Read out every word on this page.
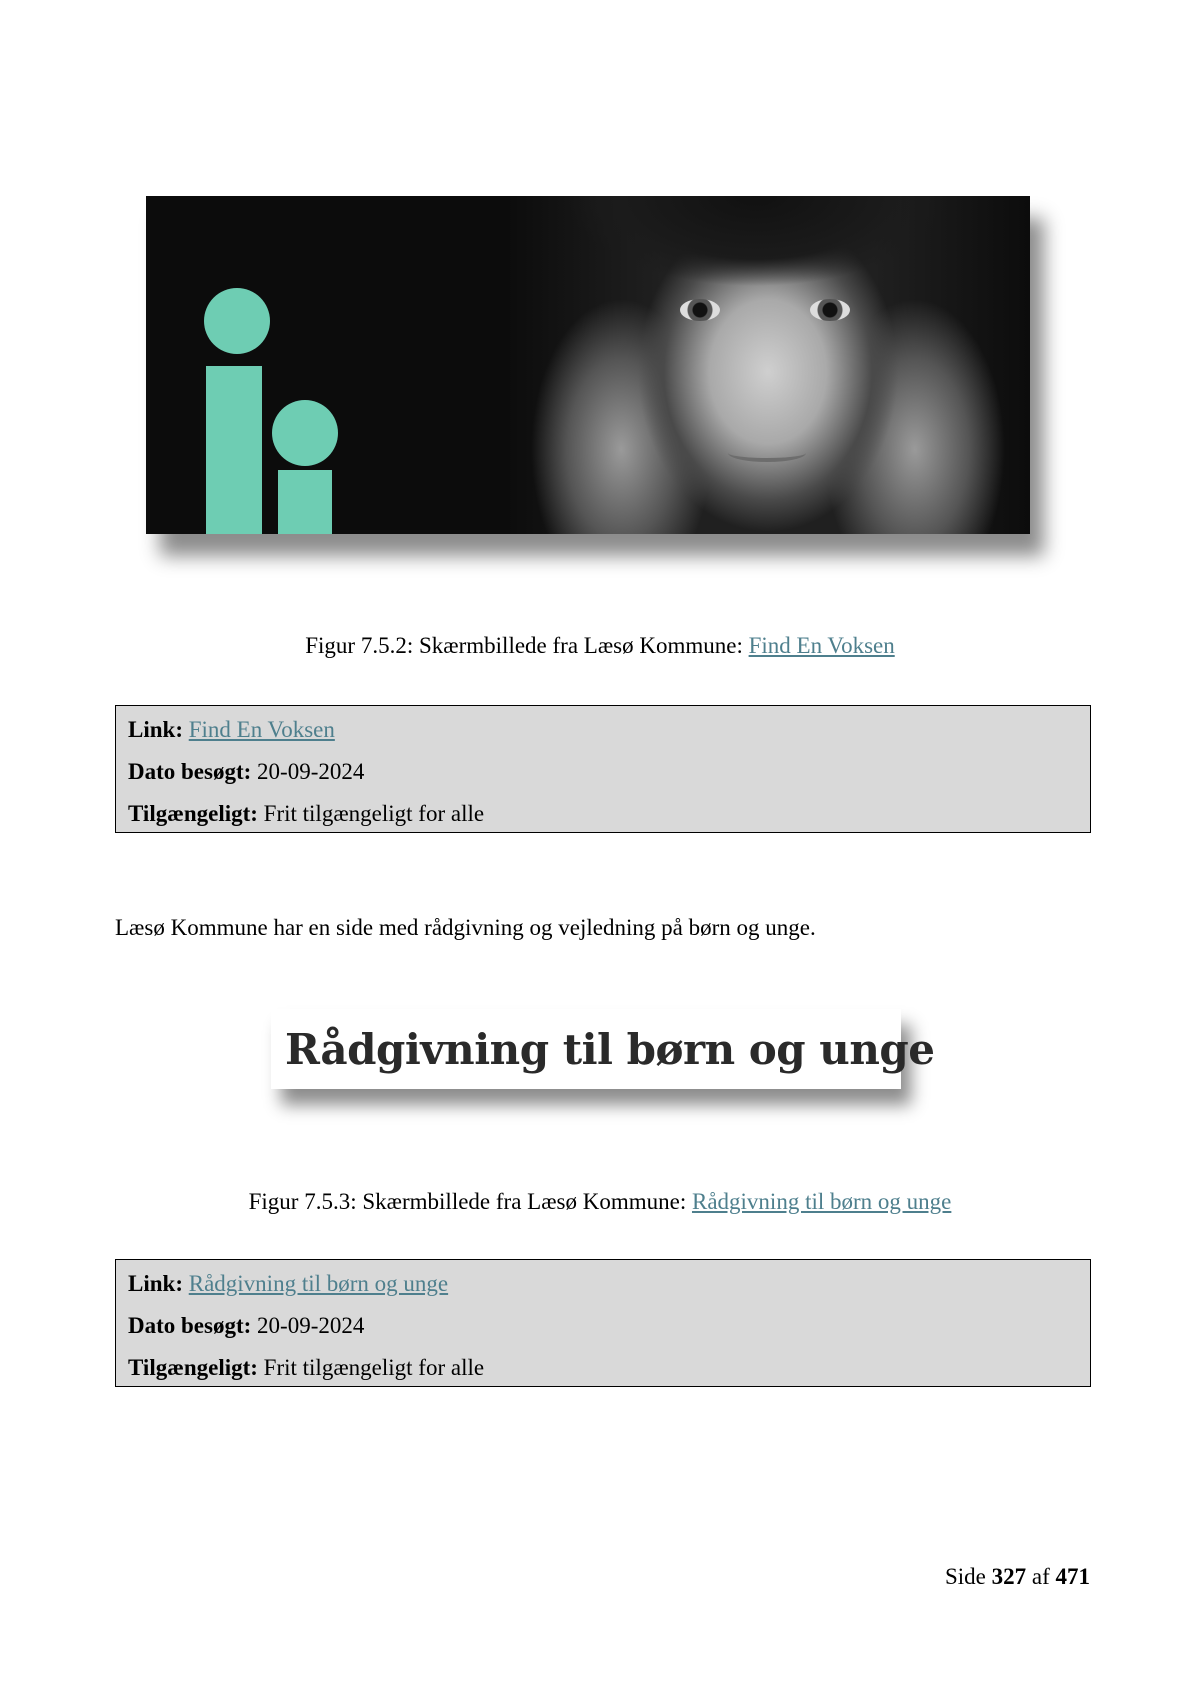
Figur 7.5.2: Skærmbillede fra Læsø Kommune: Find En Voksen
Link: Find En Voksen
Dato besøgt: 20-09-2024
Tilgængeligt: Frit tilgængeligt for alle
Læsø Kommune har en side med rådgivning og vejledning på børn og unge.
Rådgivning til børn og unge
Figur 7.5.3: Skærmbillede fra Læsø Kommune: Rådgivning til børn og unge
Link: Rådgivning til børn og unge
Dato besøgt: 20-09-2024
Tilgængeligt: Frit tilgængeligt for alle
Side 327 af 471
